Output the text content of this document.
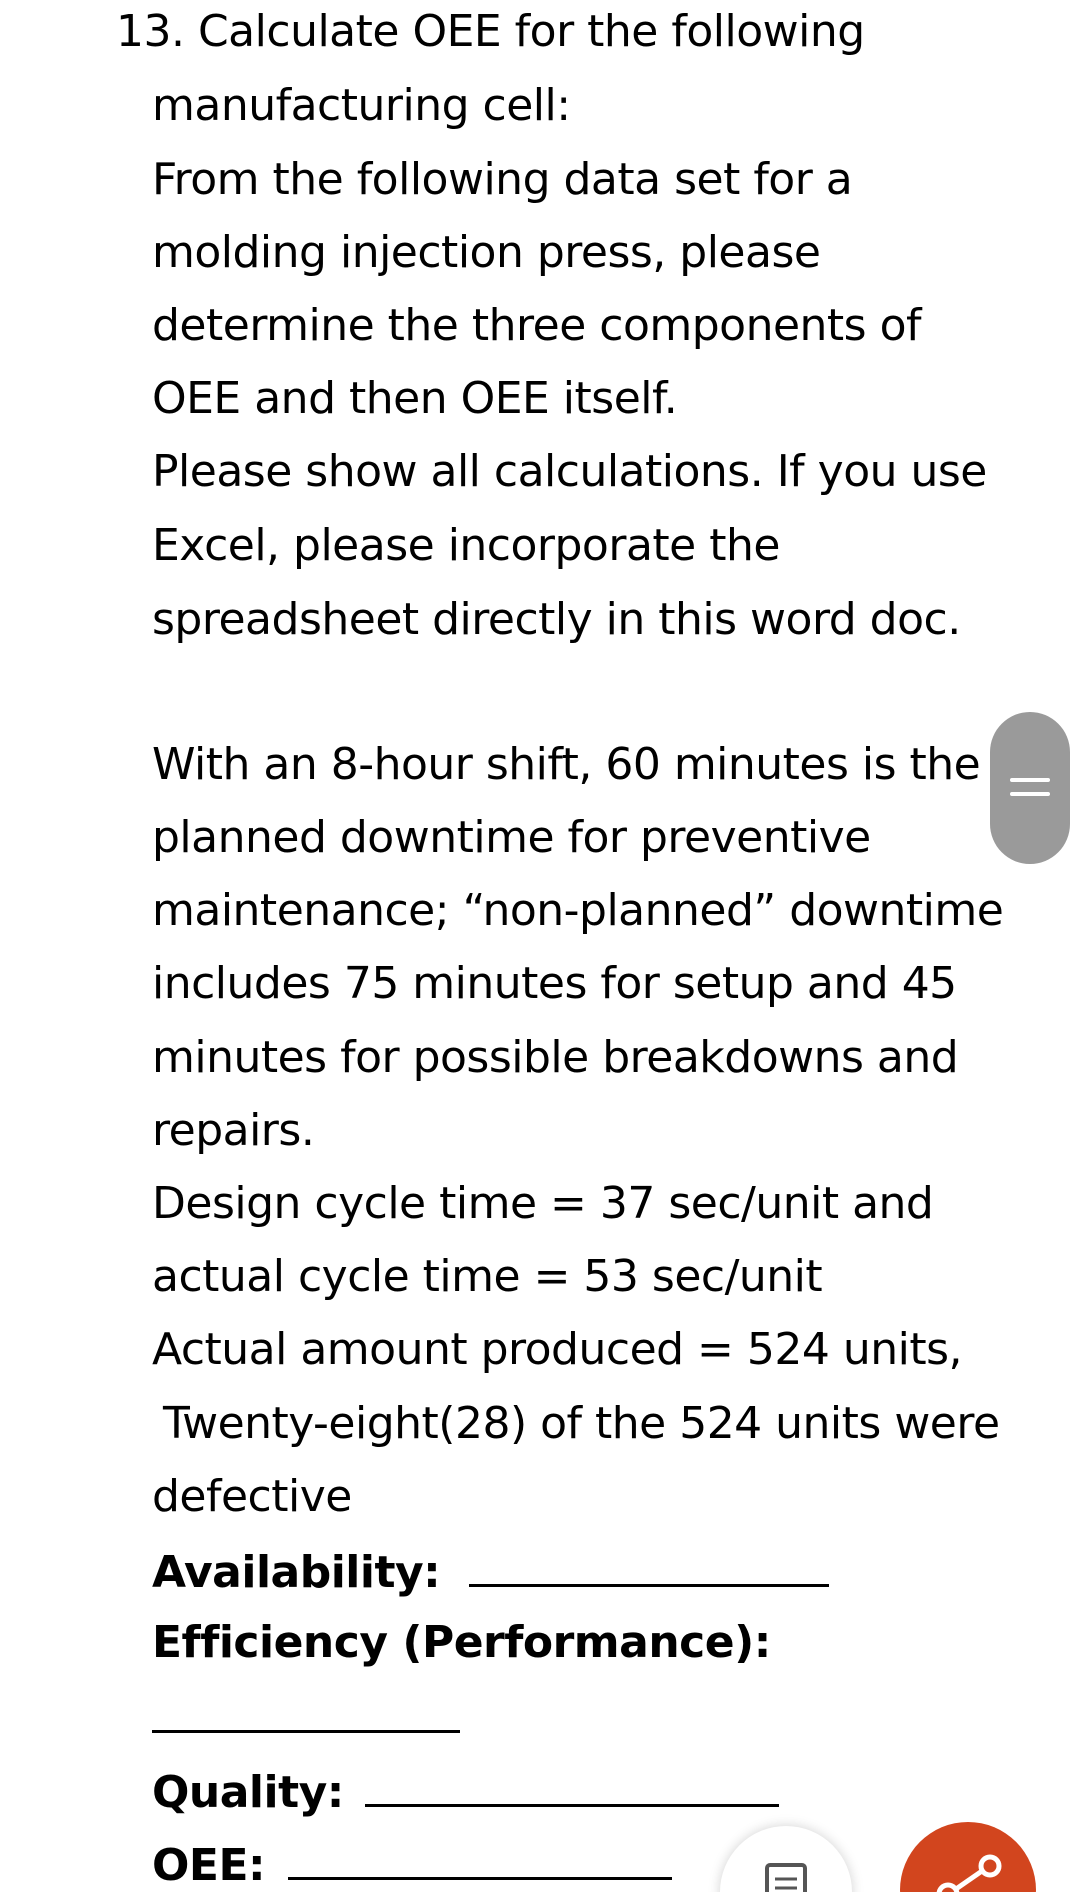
13. Calculate OEE for the following
manufacturing cell:
From the following data set for a
molding injection press, please
determine the three components of
OEE and then OEE itself.
Please show all calculations. If you use
Excel, please incorporate the
spreadsheet directly in this word doc.
With an 8-hour shift, 60 minutes is the
planned downtime for preventive
maintenance; “non-planned” downtime
includes 75 minutes for setup and 45
minutes for possible breakdowns and
repairs.
Design cycle time = 37 sec/unit and
actual cycle time = 53 sec/unit
Actual amount produced = 524 units,
Twenty-eight(28) of the 524 units were
defective
Availability:
Efficiency (Performance):
Quality:
OEE:
